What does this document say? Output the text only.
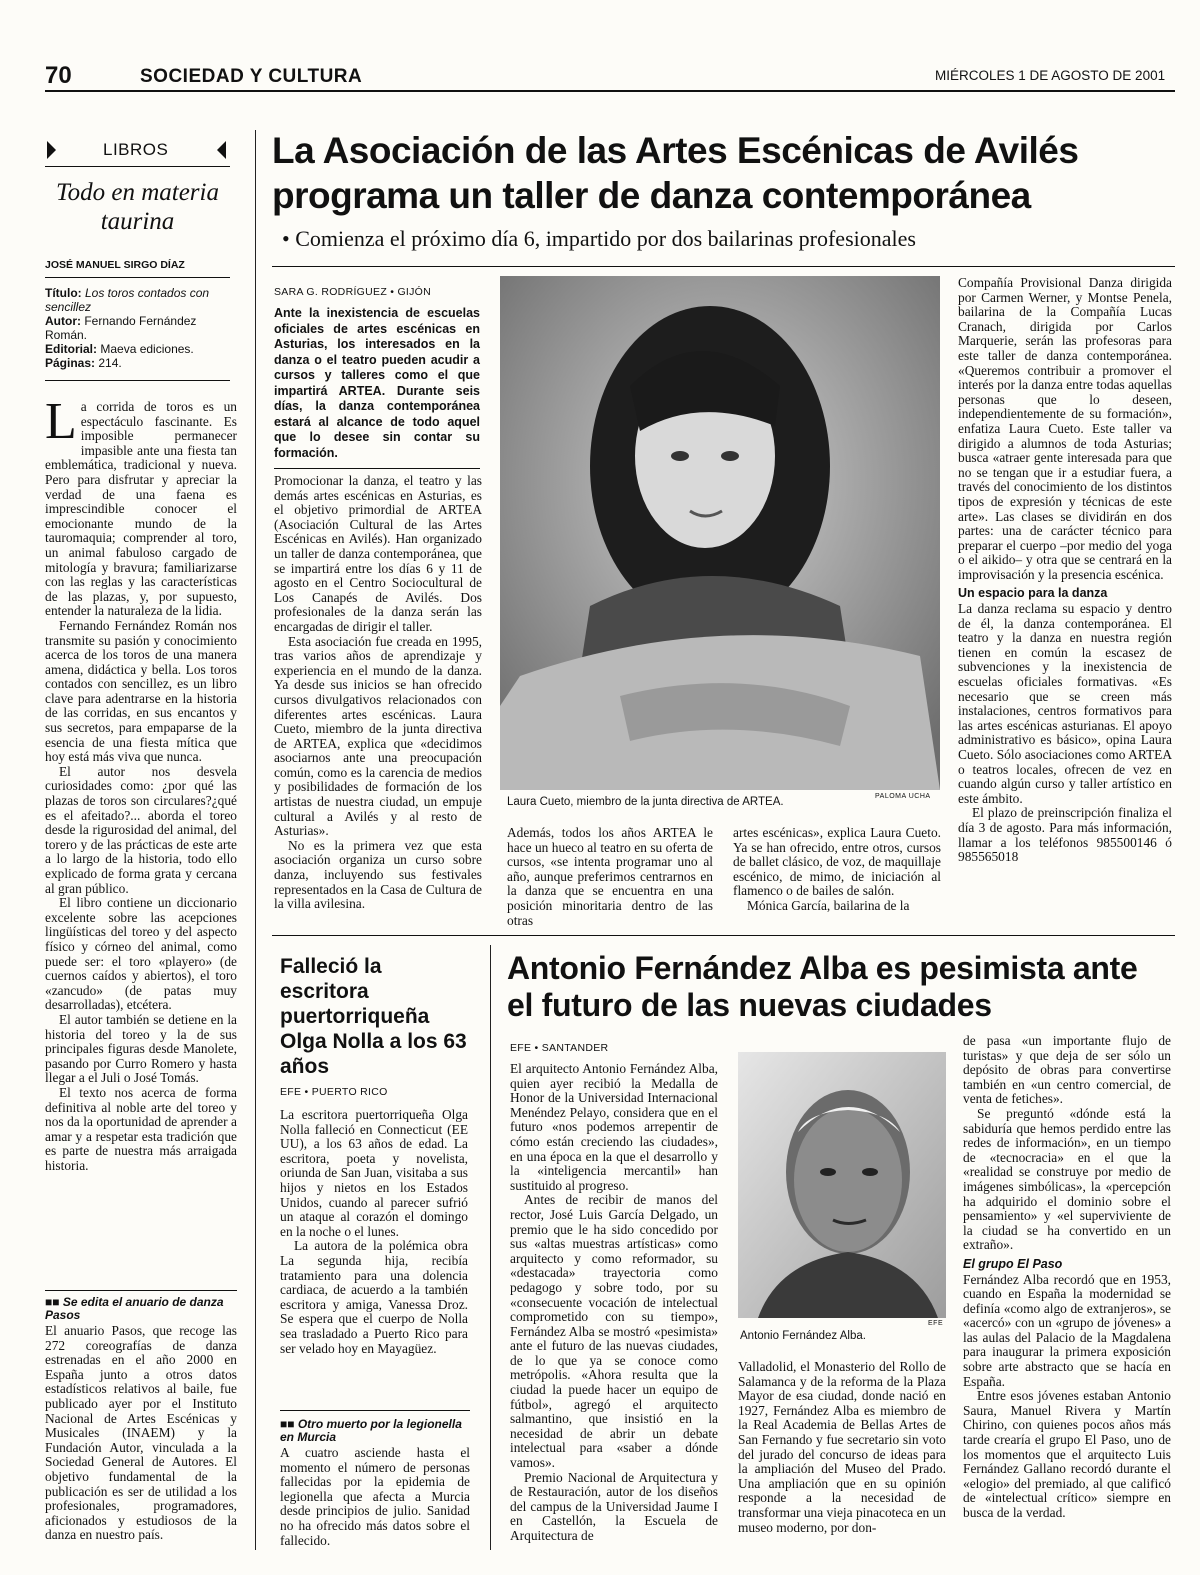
70	SOCIEDAD Y CULTURA	MIÉRCOLES 1 DE AGOSTO DE 2001
LIBROS
Todo en materia taurina
JOSÉ MANUEL SIRGO DÍAZ
Título: Los toros contados con sencillez
Autor: Fernando Fernández Román.
Editorial: Maeva ediciones.
Páginas: 214.
L a corrida de toros es un espectáculo fascinante. Es imposible permanecer impasible ante una fiesta tan emblemática, tradicional y nueva. Pero para disfrutar y apreciar la verdad de una faena es imprescindible conocer el emocionante mundo de la tauromaquia; comprender al toro, un animal fabuloso cargado de mitología y bravura; familiarizarse con las reglas y las características de las plazas, y, por supuesto, entender la naturaleza de la lidia.

Fernando Fernández Román nos transmite su pasión y conocimiento acerca de los toros de una manera amena, didáctica y bella. Los toros contados con sencillez, es un libro clave para adentrarse en la historia de las corridas, en sus encantos y sus secretos, para empaparse de la esencia de una fiesta mítica que hoy está más viva que nunca.

El autor nos desvela curiosidades como: ¿por qué las plazas de toros son circulares?¿qué es el afeitado?... aborda el toreo desde la rigurosidad del animal, del torero y de las prácticas de este arte a lo largo de la historia, todo ello explicado de forma grata y cercana al gran público.

El libro contiene un diccionario excelente sobre las acepciones lingüísticas del toreo y del aspecto físico y córneo del animal, como puede ser: el toro «playero» (de cuernos caídos y abiertos), el toro «zancudo» (de patas muy desarrolladas), etcétera.

El autor también se detiene en la historia del toreo y la de sus principales figuras desde Manolete, pasando por Curro Romero y hasta llegar a el Juli o José Tomás.

El texto nos acerca de forma definitiva al noble arte del toreo y nos da la oportunidad de aprender a amar y a respetar esta tradición que es parte de nuestra más arraigada historia.

■■ Se edita el anuario de danza Pasos

El anuario Pasos, que recoge las 272 coreografías de danza estrenadas en el año 2000 en España junto a otros datos estadísticos relativos al baile, fue publicado ayer por el Instituto Nacional de Artes Escénicas y Musicales (INAEM) y la Fundación Autor, vinculada a la Sociedad General de Autores. El objetivo fundamental de la publicación es ser de utilidad a los profesionales, programadores, aficionados y estudiosos de la danza en nuestro país.

La Asociación de las Artes Escénicas de Avilés programa un taller de danza contemporánea
• Comienza el próximo día 6, impartido por dos bailarinas profesionales
SARA G. RODRÍGUEZ • GIJÓN
Ante la inexistencia de escuelas oficiales de artes escénicas en Asturias, los interesados en la danza o el teatro pueden acudir a cursos y talleres como el que impartirá ARTEA. Durante seis días, la danza contemporánea estará al alcance de todo aquel que lo desee sin contar su formación.

Promocionar la danza, el teatro y las demás artes escénicas en Asturias, es el objetivo primordial de ARTEA (Asociación Cultural de las Artes Escénicas en Avilés). Han organizado un taller de danza contemporánea, que se impartirá entre los días 6 y 11 de agosto en el Centro Sociocultural de Los Canapés de Avilés. Dos profesionales de la danza serán las encargadas de dirigir el taller.

Esta asociación fue creada en 1995, tras varios años de aprendizaje y experiencia en el mundo de la danza. Ya desde sus inicios se han ofrecido cursos divulgativos relacionados con diferentes artes escénicas. Laura Cueto, miembro de la junta directiva de ARTEA, explica que «decidimos asociarnos ante una preocupación común, como es la carencia de medios y posibilidades de formación de los artistas de nuestra ciudad, un empuje cultural a Avilés y al resto de Asturias».

No es la primera vez que esta asociación organiza un curso sobre danza, incluyendo sus festivales representados en la Casa de Cultura de la villa avilesina.

PALOMA UCHA
Laura Cueto, miembro de la junta directiva de ARTEA.

Además, todos los años ARTEA le hace un hueco al teatro en su oferta de cursos, «se intenta programar uno al año, aunque preferimos centrarnos en la danza que se encuentra en una posición minoritaria dentro de las otras

artes escénicas», explica Laura Cueto. Ya se han ofrecido, entre otros, cursos de ballet clásico, de voz, de maquillaje escénico, de mimo, de iniciación al flamenco o de bailes de salón.

Mónica García, bailarina de la

Compañía Provisional Danza dirigida por Carmen Werner, y Montse Penela, bailarina de la Compañía Lucas Cranach, dirigida por Carlos Marquerie, serán las profesoras para este taller de danza contemporánea. «Queremos contribuir a promover el interés por la danza entre todas aquellas personas que lo deseen, independientemente de su formación», enfatiza Laura Cueto. Este taller va dirigido a alumnos de toda Asturias; busca «atraer gente interesada para que no se tengan que ir a estudiar fuera, a través del conocimiento de los distintos tipos de expresión y técnicas de este arte». Las clases se dividirán en dos partes: una de carácter técnico para preparar el cuerpo –por medio del yoga o el aikido– y otra que se centrará en la improvisación y la presencia escénica.

Un espacio para la danza

La danza reclama su espacio y dentro de él, la danza contemporánea. El teatro y la danza en nuestra región tienen en común la escasez de subvenciones y la inexistencia de escuelas oficiales formativas. «Es necesario que se creen más instalaciones, centros formativos para las artes escénicas asturianas. El apoyo administrativo es básico», opina Laura Cueto. Sólo asociaciones como ARTEA o teatros locales, ofrecen de vez en cuando algún curso y taller artístico en este ámbito.

El plazo de preinscripción finaliza el día 3 de agosto. Para más información, llamar a los teléfonos 985500146 ó 985565018

Falleció la escritora puertorriqueña Olga Nolla a los 63 años
EFE • PUERTO RICO

La escritora puertorriqueña Olga Nolla falleció en Connecticut (EE UU), a los 63 años de edad. La escritora, poeta y novelista, oriunda de San Juan, visitaba a sus hijos y nietos en los Estados Unidos, cuando al parecer sufrió un ataque al corazón el domingo en la noche o el lunes.

La autora de la polémica obra La segunda hija, recibía tratamiento para una dolencia cardiaca, de acuerdo a la también escritora y amiga, Vanessa Droz. Se espera que el cuerpo de Nolla sea trasladado a Puerto Rico para ser velado hoy en Mayagüez.

■■ Otro muerto por la legionella en Murcia

A cuatro asciende hasta el momento el número de personas fallecidas por la epidemia de legionella que afecta a Murcia desde principios de julio. Sanidad no ha ofrecido más datos sobre el fallecido.

Antonio Fernández Alba es pesimista ante el futuro de las nuevas ciudades
EFE • SANTANDER

El arquitecto Antonio Fernández Alba, quien ayer recibió la Medalla de Honor de la Universidad Internacional Menéndez Pelayo, considera que en el futuro «nos podemos arrepentir de cómo están creciendo las ciudades», en una época en la que el desarrollo y la «inteligencia mercantil» han sustituido al progreso.

Antes de recibir de manos del rector, José Luis García Delgado, un premio que le ha sido concedido por sus «altas muestras artísticas» como arquitecto y como reformador, su «destacada» trayectoria como pedagogo y sobre todo, por su «consecuente vocación de intelectual comprometido con su tiempo», Fernández Alba se mostró «pesimista» ante el futuro de las nuevas ciudades, de lo que ya se conoce como metrópolis. «Ahora resulta que la ciudad la puede hacer un equipo de fútbol», agregó el arquitecto salmantino, que insistió en la necesidad de abrir un debate intelectual para «saber a dónde vamos».

Premio Nacional de Arquitectura y de Restauración, autor de los diseños del campus de la Universidad Jaume I en Castellón, la Escuela de Arquitectura de

EFE
Antonio Fernández Alba.

Valladolid, el Monasterio del Rollo de Salamanca y de la reforma de la Plaza Mayor de esa ciudad, donde nació en 1927, Fernández Alba es miembro de la Real Academia de Bellas Artes de San Fernando y fue secretario sin voto del jurado del concurso de ideas para la ampliación del Museo del Prado. Una ampliación que en su opinión responde a la necesidad de transformar una vieja pinacoteca en un museo moderno, por don-

de pasa «un importante flujo de turistas» y que deja de ser sólo un depósito de obras para convertirse también en «un centro comercial, de venta de fetiches».

Se preguntó «dónde está la sabiduría que hemos perdido entre las redes de información», en un tiempo de «tecnocracia» en el que la «realidad se construye por medio de imágenes simbólicas», la «percepción ha adquirido el dominio sobre el pensamiento» y «el superviviente de la ciudad se ha convertido en un extraño».

El grupo El Paso

Fernández Alba recordó que en 1953, cuando en España la modernidad se definía «como algo de extranjeros», se «acercó» con un «grupo de jóvenes» a las aulas del Palacio de la Magdalena para inaugurar la primera exposición sobre arte abstracto que se hacía en España.

Entre esos jóvenes estaban Antonio Saura, Manuel Rivera y Martín Chirino, con quienes pocos años más tarde crearía el grupo El Paso, uno de los momentos que el arquitecto Luis Fernández Gallano recordó durante el «elogio» del premiado, al que calificó de «intelectual crítico» siempre en busca de la verdad.
